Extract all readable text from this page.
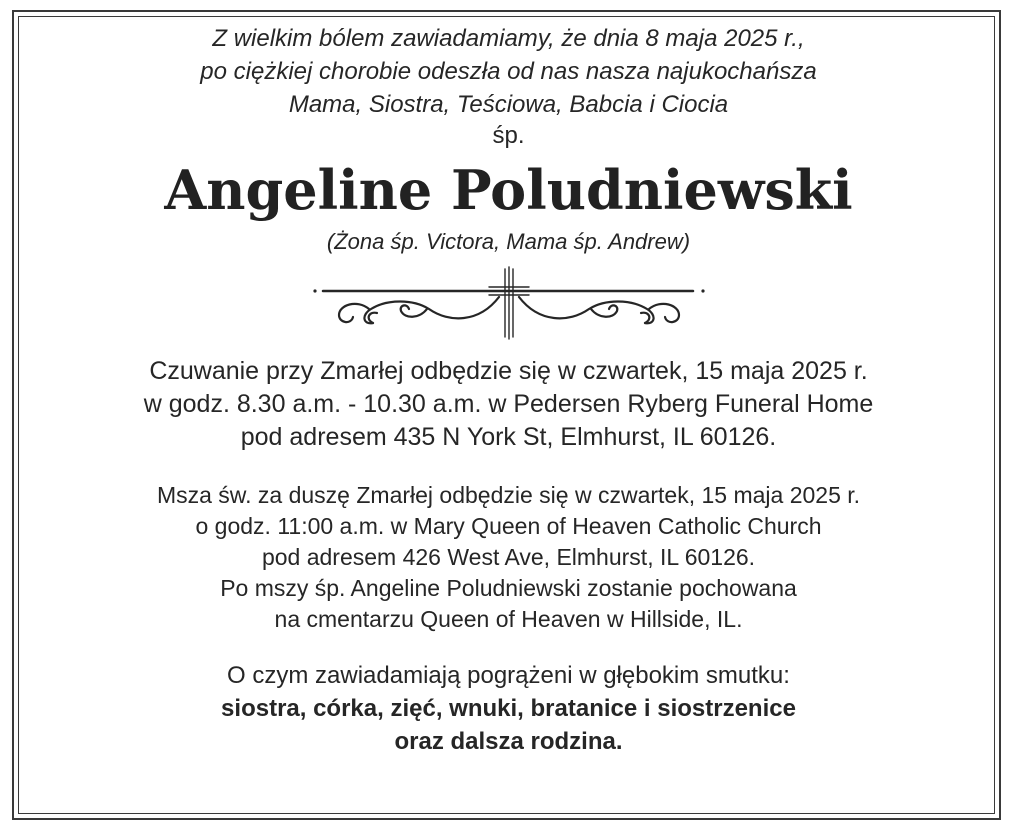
Z wielkim bólem zawiadamiamy, że dnia 8 maja 2025 r.,
po ciężkiej chorobie odeszła od nas nasza najukochańsza
Mama, Siostra, Teściowa, Babcia i Ciocia

śp.

Angeline Poludniewski

(Żona śp. Victora, Mama śp. Andrew)

Czuwanie przy Zmarłej odbędzie się w czwartek, 15 maja 2025 r.
w godz. 8.30 a.m. - 10.30 a.m. w Pedersen Ryberg Funeral Home
pod adresem 435 N York St, Elmhurst, IL 60126.

Msza św. za duszę Zmarłej odbędzie się w czwartek, 15 maja 2025 r.
o godz. 11:00 a.m. w Mary Queen of Heaven Catholic Church
pod adresem 426 West Ave, Elmhurst, IL 60126.
Po mszy śp. Angeline Poludniewski zostanie pochowana
na cmentarzu Queen of Heaven w Hillside, IL.

O czym zawiadamiają pogrążeni w głębokim smutku:
siostra, córka, zięć, wnuki, bratanice i siostrzenice
oraz dalsza rodzina.
